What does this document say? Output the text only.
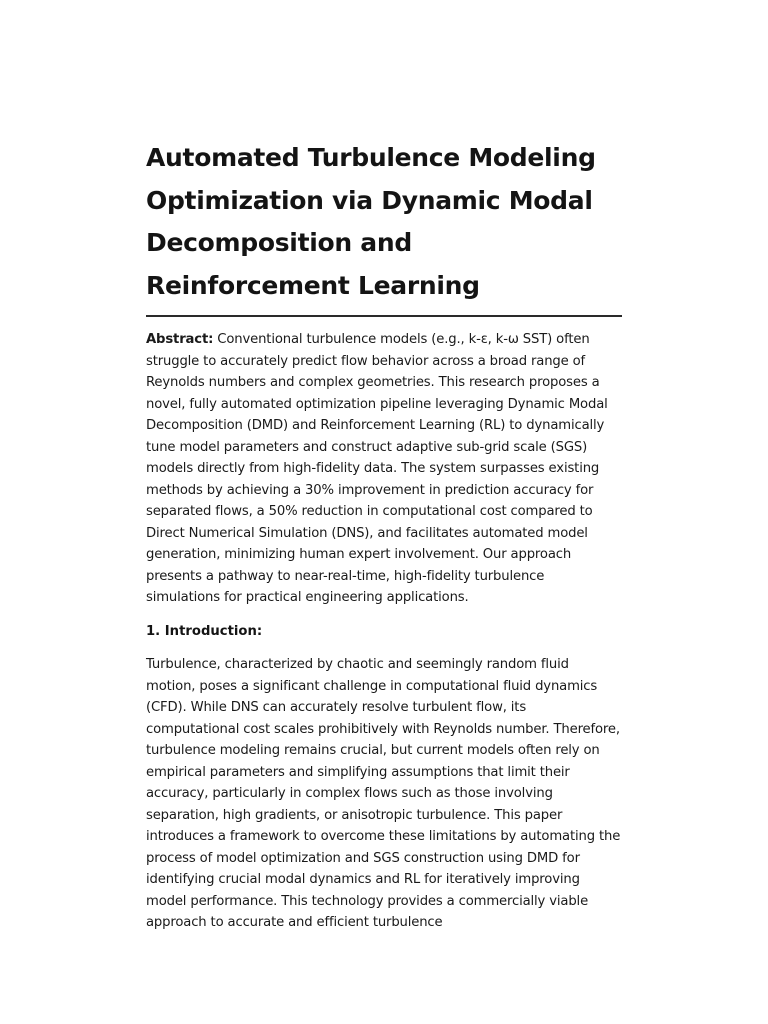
Automated Turbulence Modeling Optimization via Dynamic Modal Decomposition and Reinforcement Learning

Abstract: Conventional turbulence models (e.g., k-ε, k-ω SST) often struggle to accurately predict flow behavior across a broad range of Reynolds numbers and complex geometries. This research proposes a novel, fully automated optimization pipeline leveraging Dynamic Modal Decomposition (DMD) and Reinforcement Learning (RL) to dynamically tune model parameters and construct adaptive sub-grid scale (SGS) models directly from high-fidelity data. The system surpasses existing methods by achieving a 30% improvement in prediction accuracy for separated flows, a 50% reduction in computational cost compared to Direct Numerical Simulation (DNS), and facilitates automated model generation, minimizing human expert involvement. Our approach presents a pathway to near-real-time, high-fidelity turbulence simulations for practical engineering applications.

1. Introduction:

Turbulence, characterized by chaotic and seemingly random fluid motion, poses a significant challenge in computational fluid dynamics (CFD). While DNS can accurately resolve turbulent flow, its computational cost scales prohibitively with Reynolds number. Therefore, turbulence modeling remains crucial, but current models often rely on empirical parameters and simplifying assumptions that limit their accuracy, particularly in complex flows such as those involving separation, high gradients, or anisotropic turbulence. This paper introduces a framework to overcome these limitations by automating the process of model optimization and SGS construction using DMD for identifying crucial modal dynamics and RL for iteratively improving model performance. This technology provides a commercially viable approach to accurate and efficient turbulence
